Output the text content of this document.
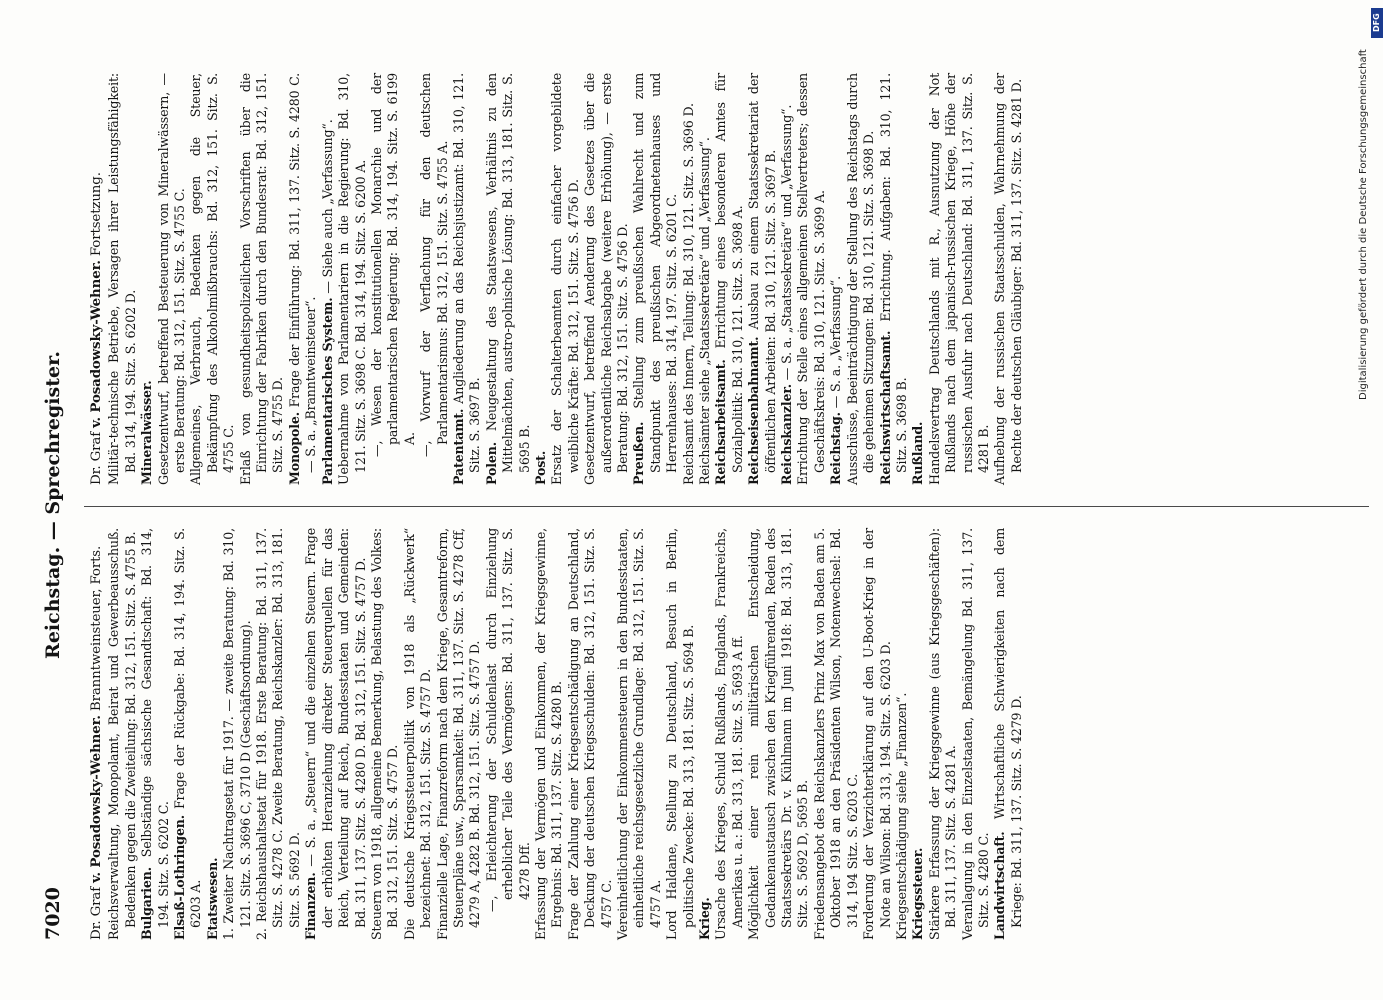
7020
Reichstag. — Sprechregister.
Dr. Graf v. Posadowsky-Wehner. Branntweinsteuer, Forts. Reichsverwaltung, Monopolamt, Beirat und Gewerbeausschuß. Bedenken gegen die Zweiteilung: Bd. 312, 151. Sitz. S. 4755 B. Bulgarien. Selbständige sächsische Gesandtschaft: Bd. 314, 194. Sitz. S. 6202 C. Elsaß-Lothringen. Frage der Rückgabe: Bd. 314, 194. Sitz. S. 6203 A. Etatswesen. 1. Zweiter Nachtragsetat für 1917. — zweite Beratung: Bd. 310, 121. Sitz. S. 3696 C, 3710 D (Geschäftsordnung). 2. Reichshaushaltsetat für 1918. Erste Beratung: Bd. 311, 137. Sitz. S. 4278 C. Zweite Beratung, Reichskanzler: Bd. 313, 181. Sitz. S. 5692 D. Finanzen. — S. a. „Steuern“ und die einzelnen Steuern. Frage der erhöhten Heranziehung direkter Steuerquellen für das Reich, Verteilung auf Reich, Bundesstaaten und Gemeinden: Bd. 311, 137. Sitz. S. 4280 D. Bd. 312, 151. Sitz. S. 4757 D. Steuern von 1918, allgemeine Bemerkung, Belastung des Volkes: Bd. 312, 151. Sitz. S. 4757 D. Die deutsche Kriegssteuerpolitik von 1918 als „Rückwerk“ bezeichnet: Bd. 312, 151. Sitz. S. 4757 D. Finanzielle Lage, Finanzreform nach dem Kriege, Gesamtreform, Steuerpläne usw., Sparsamkeit: Bd. 311, 137. Sitz. S. 4278 Cff, 4279 A, 4282 B. Bd. 312, 151. Sitz. S. 4757 D. —, Erleichterung der Schuldenlast durch Einziehung erheblicher Teile des Vermögens: Bd. 311, 137. Sitz. S. 4278 Dff. Erfassung der Vermögen und Einkommen, der Kriegsgewinne, Ergebnis: Bd. 311, 137. Sitz. S. 4280 B. Frage der Zahlung einer Kriegsentschädigung an Deutschland, Deckung der deutschen Kriegsschulden: Bd. 312, 151. Sitz. S. 4757 C. Vereinheitlichung der Einkommensteuern in den Bundesstaaten, einheitliche reichsgesetzliche Grundlage: Bd. 312, 151. Sitz. S. 4757 A. Lord Haldane, Stellung zu Deutschland, Besuch in Berlin, politische Zwecke: Bd. 313, 181. Sitz. S. 5694 B. Krieg. Ursache des Krieges, Schuld Rußlands, Englands, Frankreichs, Amerikas u. a.: Bd. 313, 181. Sitz. S. 5693 A ff. Möglichkeit einer rein militärischen Entscheidung, Gedankenaustausch zwischen den Kriegführenden, Reden des Staatssekretärs Dr. v. Kühlmann im Juni 1918: Bd. 313, 181. Sitz. S. 5692 D, 5695 B. Friedensangebot des Reichskanzlers Prinz Max von Baden am 5. Oktober 1918 an den Präsidenten Wilson, Notenwechsel: Bd. 314, 194 Sitz. S. 6203 C. Forderung der Verzichterklärung auf den U-Boot-Krieg in der Note an Wilson: Bd. 313, 194. Sitz. S. 6203 D. Kriegsentschädigung siehe „Finanzen“. Kriegssteuer. Stärkere Erfassung der Kriegsgewinne (aus Kriegsgeschäften): Bd. 311, 137. Sitz. S. 4281 A. Veranlagung in den Einzelstaaten, Bemängelung Bd. 311, 137. Sitz. S. 4280 C. Landwirtschaft. Wirtschaftliche Schwierigkeiten nach dem Kriege: Bd. 311, 137. Sitz. S. 4279 D.
Dr. Graf v. Posadowsky-Wehner. Fortsetzung. Militär-technische Betriebe, Versagen ihrer Leistungsfähigkeit: Bd. 314, 194. Sitz. S. 6202 D. Mineralwässer. Gesetzentwurf, betreffend Besteuerung von Mineralwässern, — erste Beratung: Bd. 312, 151. Sitz. S. 4755 C. Allgemeines, Verbrauch, Bedenken gegen die Steuer, Bekämpfung des Alkoholmißbrauchs: Bd. 312, 151. Sitz. S. 4755 C. Erlaß von gesundheitspolizeilichen Vorschriften über die Einrichtung der Fabriken durch den Bundesrat: Bd. 312, 151. Sitz. S. 4755 D. Monopole. Frage der Einführung: Bd. 311, 137. Sitz. S. 4280 C. — S. a. „Branntweinsteuer“. Parlamentarisches System. — Siehe auch „Verfassung“. Uebernahme von Parlamentariern in die Regierung: Bd. 310, 121. Sitz. S. 3698 C. Bd. 314, 194. Sitz. S. 6200 A. —, Wesen der konstitutionellen Monarchie und der parlamentarischen Regierung: Bd. 314, 194. Sitz. S. 6199 A. —, Vorwurf der Verflachung für den deutschen Parlamentarismus: Bd. 312, 151. Sitz. S. 4755 A.
Patentamt. Angliederung an das Reichsjustizamt: Bd. 310, 121. Sitz. S. 3697 B. Polen. Neugestaltung des Staatswesens, Verhältnis zu den Mittelmächten, austro-polnische Lösung: Bd. 313, 181. Sitz. S. 5695 B. Post. Ersatz der Schalterbeamten durch einfacher vorgebildete weibliche Kräfte: Bd. 312, 151. Sitz. S. 4756 D. Gesetzentwurf, betreffend Aenderung des Gesetzes über die außerordentliche Reichsabgabe (weitere Erhöhung), — erste Beratung: Bd. 312, 151. Sitz. S. 4756 D. Preußen. Stellung zum preußischen Wahlrecht und zum Standpunkt des preußischen Abgeordnetenhauses und Herrenhauses: Bd. 314, 197. Sitz. S. 6201 C. Reichsamt des Innern, Teilung: Bd. 310, 121. Sitz. S. 3696 D. Reichsämter siehe „Staatssekretäre“ und „Verfassung“. Reichsarbeitsamt. Errichtung eines besonderen Amtes für Sozialpolitik: Bd. 310, 121. Sitz. S. 3698 A. Reichseisenbahnamt. Ausbau zu einem Staatssekretariat der öffentlichen Arbeiten: Bd. 310, 121. Sitz. S. 3697 B. Reichskanzler. — S. a. „Staatssekretäre“ und „Verfassung“. Errichtung der Stelle eines allgemeinen Stellvertreters; dessen Geschäftskreis: Bd. 310, 121. Sitz. S. 3699 A. Reichstag. — S. a. „Verfassung“. Ausschüsse, Beeinträchtigung der Stellung des Reichstags durch die geheimen Sitzungen: Bd. 310, 121. Sitz. S. 3698 D. Reichswirtschaftsamt. Errichtung. Aufgaben: Bd. 310, 121. Sitz. S. 3698 B. Rußland. Handelsvertrag Deutschlands mit R., Ausnutzung der Not Rußlands nach dem japanisch-russischen Kriege, Höhe der russischen Ausfuhr nach Deutschland: Bd. 311, 137. Sitz. S. 4281 B. Aufhebung der russischen Staatsschulden, Wahrnehmung der Rechte der deutschen Gläubiger: Bd. 311, 137. Sitz. S. 4281 D.
DFG
Digitalisierung gefördert durch die Deutsche Forschungsgemeinschaft
